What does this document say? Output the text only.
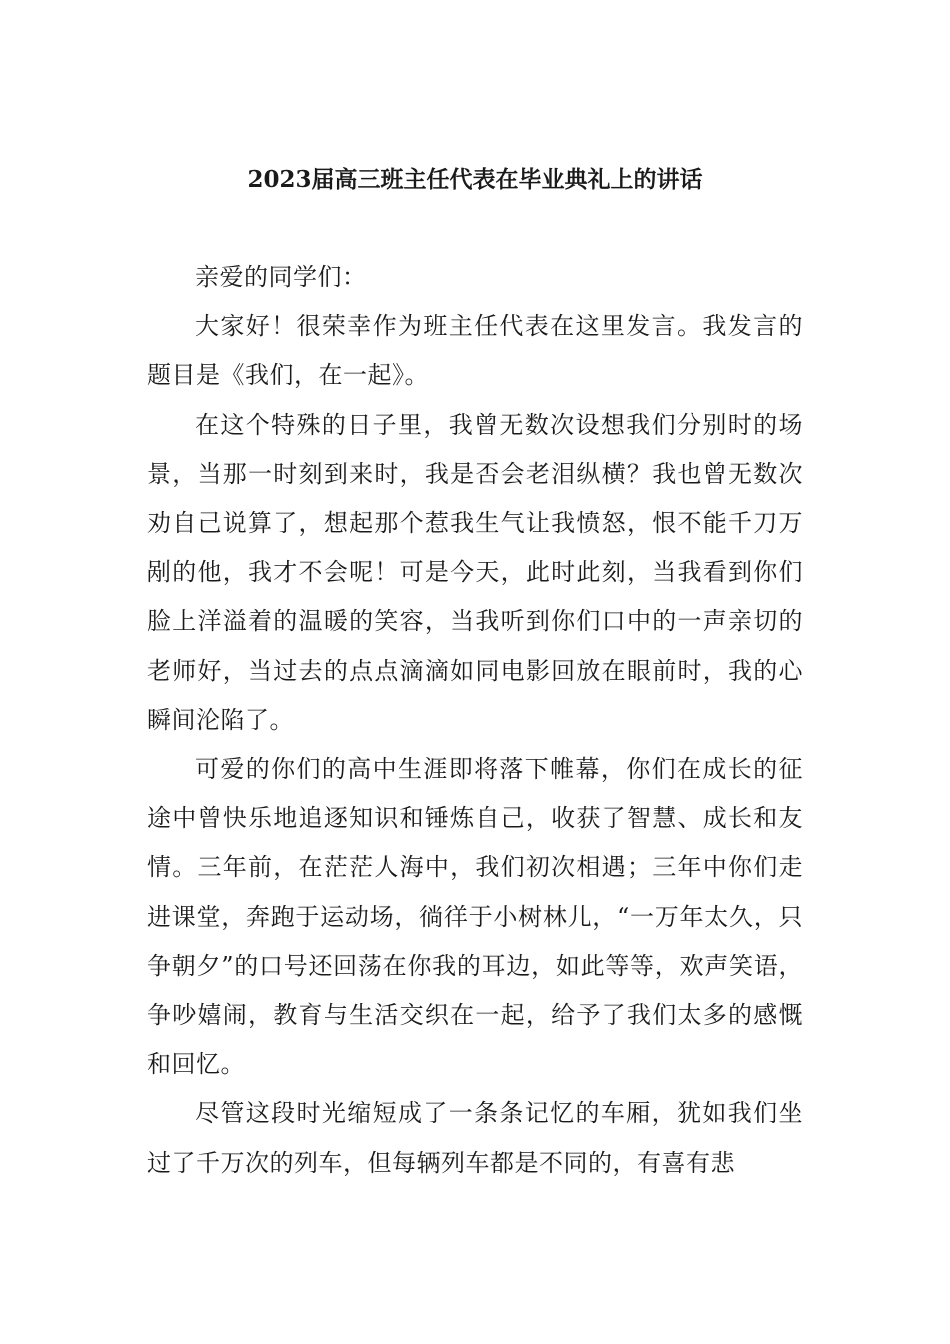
2023届高三班主任代表在毕业典礼上的讲话

亲爱的同学们：

大家好！很荣幸作为班主任代表在这里发言。我发言的题目是《我们，在一起》。

在这个特殊的日子里，我曾无数次设想我们分别时的场景，当那一时刻到来时，我是否会老泪纵横？我也曾无数次劝自己说算了，想起那个惹我生气让我愤怒，恨不能千刀万剐的他，我才不会呢！可是今天，此时此刻，当我看到你们脸上洋溢着的温暖的笑容，当我听到你们口中的一声亲切的老师好，当过去的点点滴滴如同电影回放在眼前时，我的心瞬间沦陷了。

可爱的你们的高中生涯即将落下帷幕，你们在成长的征途中曾快乐地追逐知识和锤炼自己，收获了智慧、成长和友情。三年前，在茫茫人海中，我们初次相遇；三年中你们走进课堂，奔跑于运动场，徜徉于小树林儿，“一万年太久，只争朝夕”的口号还回荡在你我的耳边，如此等等，欢声笑语，争吵嬉闹，教育与生活交织在一起，给予了我们太多的感慨和回忆。

尽管这段时光缩短成了一条条记忆的车厢，犹如我们坐过了千万次的列车，但每辆列车都是不同的，有喜有悲
